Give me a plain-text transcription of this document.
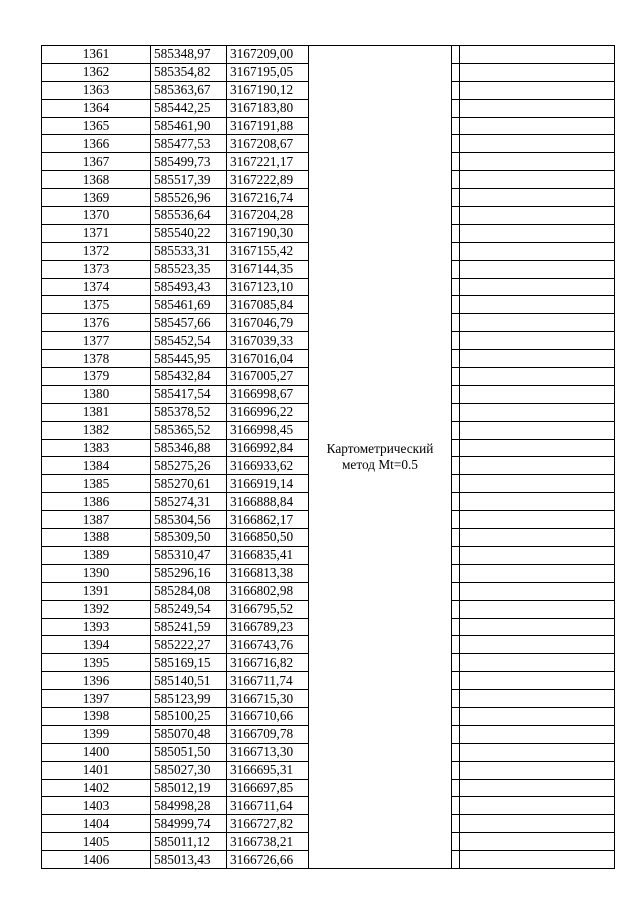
1361	585348,97	3167209,00	Картометрический
метод Mt=0.5		

1362	585354,82	3167195,05			
1363	585363,67	3167190,12			
1364	585442,25	3167183,80			
1365	585461,90	3167191,88			
1366	585477,53	3167208,67			
1367	585499,73	3167221,17			
1368	585517,39	3167222,89			
1369	585526,96	3167216,74			
1370	585536,64	3167204,28			
1371	585540,22	3167190,30			
1372	585533,31	3167155,42			
1373	585523,35	3167144,35			
1374	585493,43	3167123,10			
1375	585461,69	3167085,84			
1376	585457,66	3167046,79			
1377	585452,54	3167039,33			
1378	585445,95	3167016,04			
1379	585432,84	3167005,27			
1380	585417,54	3166998,67			
1381	585378,52	3166996,22			
1382	585365,52	3166998,45			
1383	585346,88	3166992,84			
1384	585275,26	3166933,62			
1385	585270,61	3166919,14			
1386	585274,31	3166888,84			
1387	585304,56	3166862,17			
1388	585309,50	3166850,50			
1389	585310,47	3166835,41			
1390	585296,16	3166813,38			
1391	585284,08	3166802,98			
1392	585249,54	3166795,52			
1393	585241,59	3166789,23			
1394	585222,27	3166743,76			
1395	585169,15	3166716,82			
1396	585140,51	3166711,74			
1397	585123,99	3166715,30			
1398	585100,25	3166710,66			
1399	585070,48	3166709,78			
1400	585051,50	3166713,30			
1401	585027,30	3166695,31			
1402	585012,19	3166697,85			
1403	584998,28	3166711,64			
1404	584999,74	3166727,82			
1405	585011,12	3166738,21			
1406	585013,43	3166726,66			
